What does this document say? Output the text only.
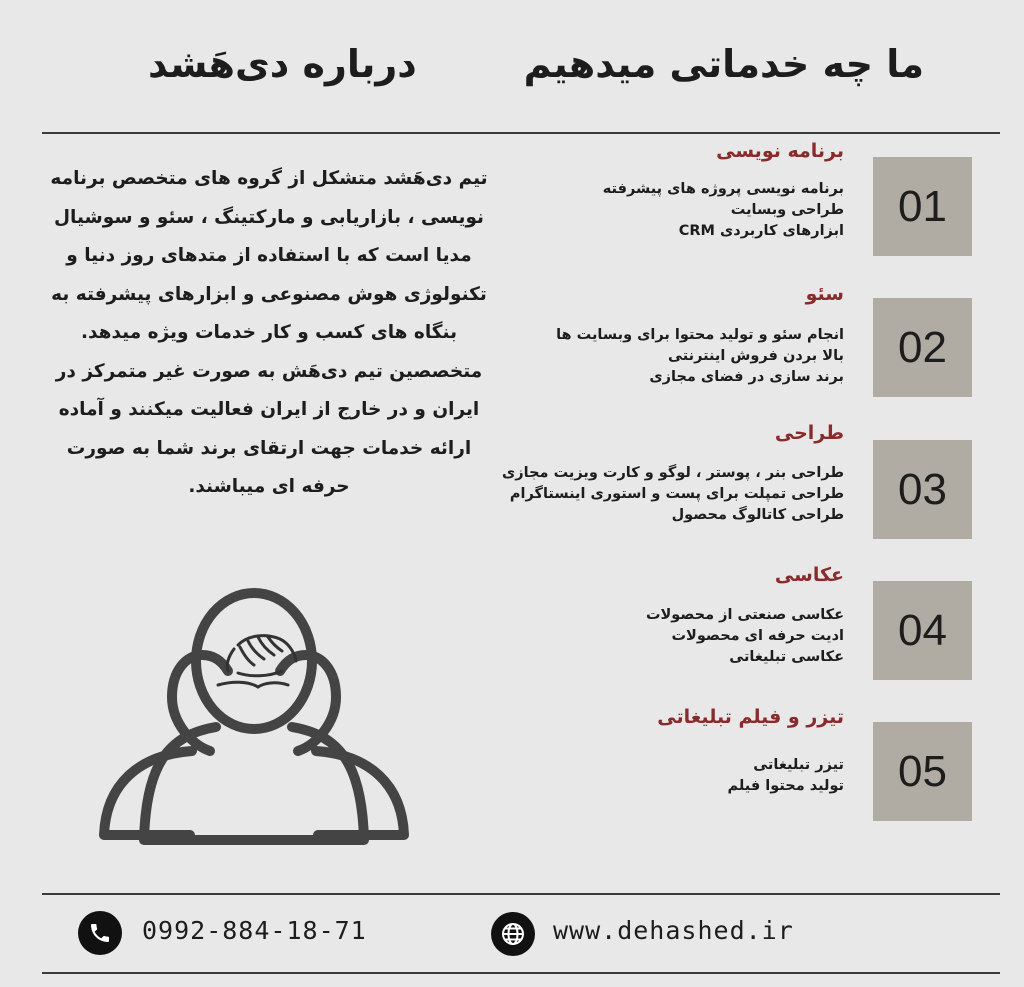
ما چه خدماتی میدهیم
درباره دی‌هَشد
برنامه نویسی
برنامه نویسی پروژه های پیشرفته
طراحی وبسایت
ابزارهای کاربردی CRM
01
سئو
انجام سئو و تولید محتوا برای وبسایت ها
بالا بردن فروش اینترنتی
برند سازی در فضای مجازی
02
طراحی
طراحی بنر ، پوستر ، لوگو و کارت ویزیت مجازی
طراحی تمپلت برای پست و استوری اینستاگرام
طراحی کاتالوگ محصول
03
عکاسی
عکاسی صنعتی از محصولات
ادیت حرفه ای محصولات
عکاسی تبلیغاتی
04
تیزر و فیلم تبلیغاتی
تیزر تبلیغاتی
تولید محتوا فیلم	05
تیم دی‌هَشد متشکل از گروه های متخصص برنامه نویسی ، بازاریابی و مارکتینگ ، سئو و سوشیال مدیا است که با استفاده از متدهای روز دنیا و تکنولوژی هوش مصنوعی و ابزارهای پیشرفته به بنگاه های کسب و کار خدمات ویژه میدهد. متخصصین تیم دی‌هَش به صورت غیر متمرکز در ایران و در خارج از ایران فعالیت میکنند و آماده ارائه خدمات جهت ارتقای برند شما به صورت حرفه ای میباشند.
0992-884-18-71	www.dehashed.ir
